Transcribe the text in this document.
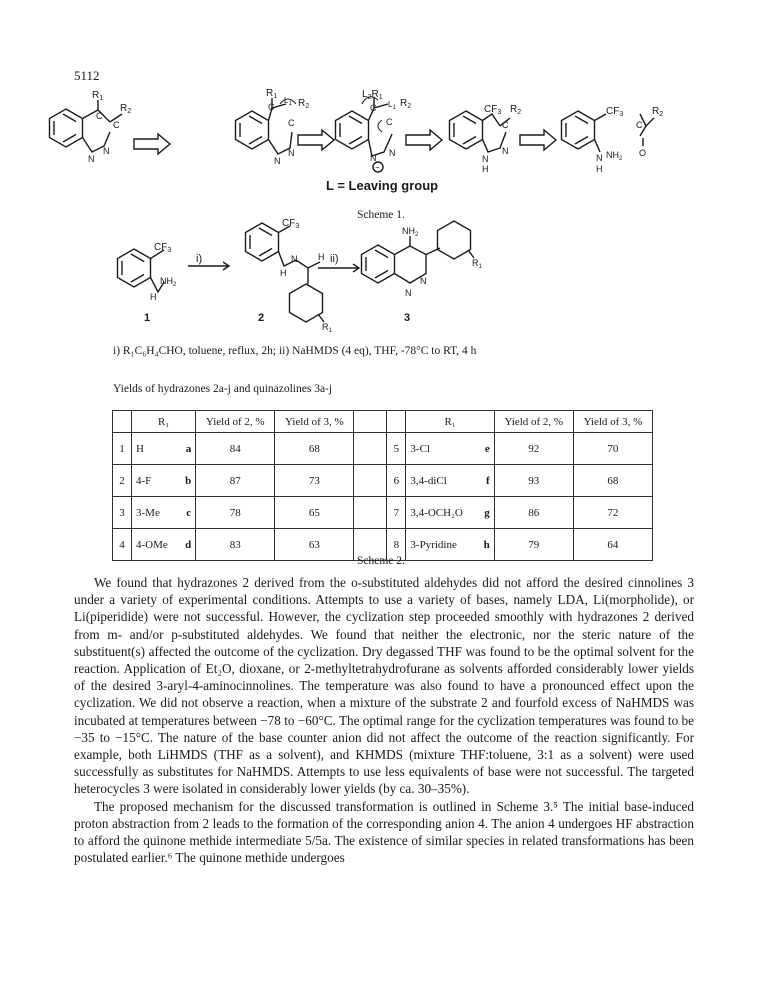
5112
$R_1$
C
C
$R_2$
N
N
$R_1$
C
C
$L_1$ $R_2$
N
N
$L_2R_1$
C
C
$L_1$ $R_2$
N N
−
$CF_3$
C
$R_2$
N
N
H
$CF_3$
N $NH_2$
H
C
$R_2$
O
$CF_3$
$NH_2$
H
1
i)
$CF_3$
N
H
H
$R_1$
2
ii)
$NH_2$
N
N
$R_1$
3
L = Leaving group
Scheme 1.
i) R₁C₆H₄CHO, toluene, reflux, 2h; ii) NaHMDS (4 eq), THF, -78°C to RT, 4 h
Yields of hydrazones 2a-j and quinazolines 3a-j
	R₁		Yield of 2, %	Yield of 3, %			R₁		Yield of 2, %	Yield of 3, %
1	H	a	84	68		5	3-Cl	e	92	70
2	4-F	b	87	73		6	3,4-diCl	f	93	68
3	3-Me	c	78	65		7	3,4-OCH₂O	g	86	72
4	4-OMe	d	83	63		8	3-Pyridine	h	79	64
Scheme 2.

We found that hydrazones 2 derived from the o-substituted aldehydes did not afford the desired cinnolines 3 under a variety of experimental conditions. Attempts to use a variety of bases, namely LDA, Li(morpholide), or Li(piperidide) were not successful. However, the cyclization step proceeded smoothly with hydrazones 2 derived from m- and/or p-substituted aldehydes. We found that neither the electronic, nor the steric nature of the substituent(s) affected the outcome of the cyclization. Dry degassed THF was found to be the optimal solvent for the reaction. Application of Et₂O, dioxane, or 2-methyltetrahydrofurane as solvents afforded considerably lower yields of the desired 3-aryl-4-aminocinnolines. The temperature was also found to have a pronounced effect upon the cyclization. We did not observe a reaction, when a mixture of the substrate 2 and fourfold excess of NaHMDS was incubated at temperatures between −78 to −60°C. The optimal range for the cyclization temperatures was found to be −35 to −15°C. The nature of the base counter anion did not affect the outcome of the reaction significantly. For example, both LiHMDS (THF as a solvent), and KHMDS (mixture THF:toluene, 3:1 as a solvent) were used successfully as substitutes for NaHMDS. Attempts to use less equivalents of base were not successful. The targeted heterocycles 3 were isolated in considerably lower yields (by ca. 30–35%).

The proposed mechanism for the discussed transformation is outlined in Scheme 3.⁵ The initial base-induced proton abstraction from 2 leads to the formation of the corresponding anion 4. The anion 4 undergoes HF abstraction to afford the quinone methide intermediate 5/5a. The existence of similar species in related transformations has been postulated earlier.⁶ The quinone methide undergoes
